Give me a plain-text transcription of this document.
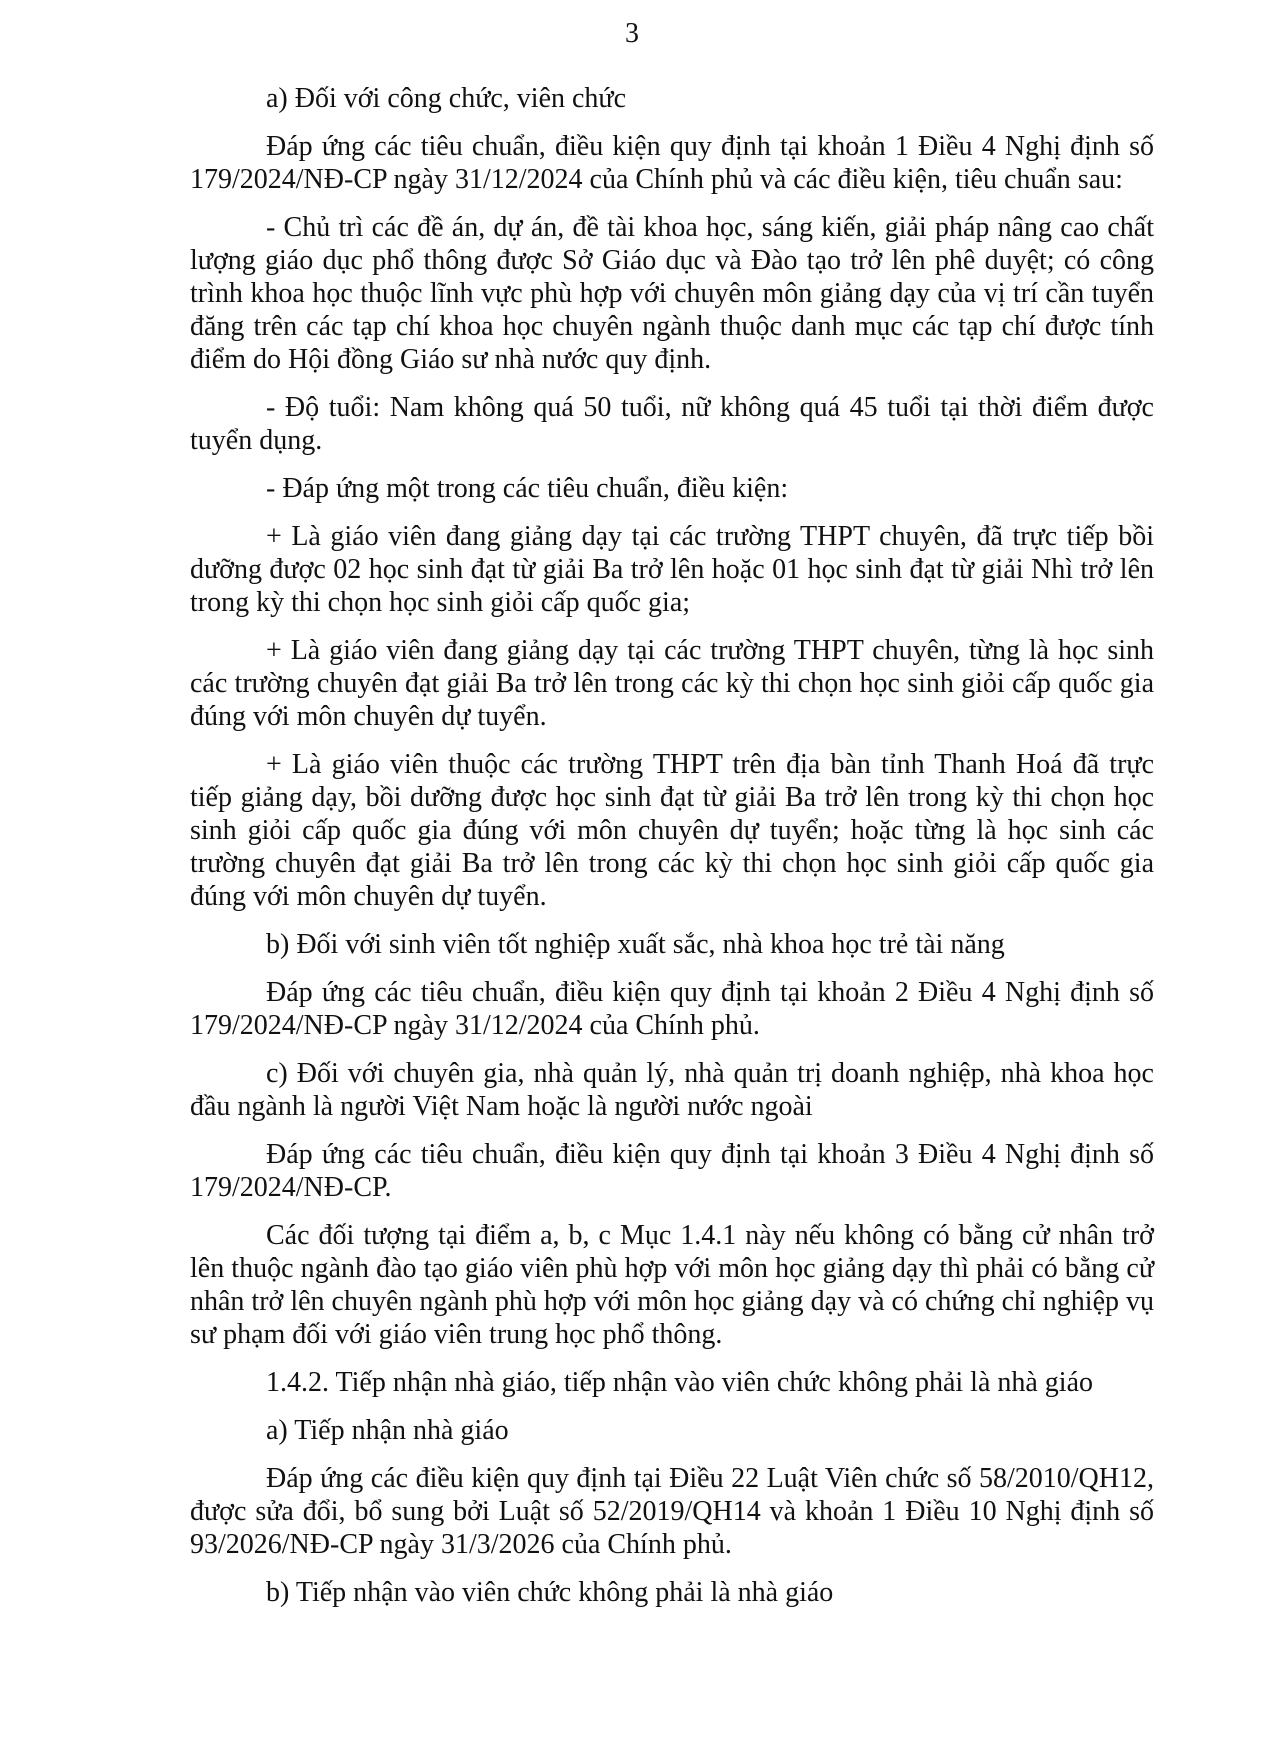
3

a) Đối với công chức, viên chức

Đáp ứng các tiêu chuẩn, điều kiện quy định tại khoản 1 Điều 4 Nghị định số 179/2024/NĐ-CP ngày 31/12/2024 của Chính phủ và các điều kiện, tiêu chuẩn sau:

- Chủ trì các đề án, dự án, đề tài khoa học, sáng kiến, giải pháp nâng cao chất lượng giáo dục phổ thông được Sở Giáo dục và Đào tạo trở lên phê duyệt; có công trình khoa học thuộc lĩnh vực phù hợp với chuyên môn giảng dạy của vị trí cần tuyển đăng trên các tạp chí khoa học chuyên ngành thuộc danh mục các tạp chí được tính điểm do Hội đồng Giáo sư nhà nước quy định.

- Độ tuổi: Nam không quá 50 tuổi, nữ không quá 45 tuổi tại thời điểm được tuyển dụng.

- Đáp ứng một trong các tiêu chuẩn, điều kiện:

+ Là giáo viên đang giảng dạy tại các trường THPT chuyên, đã trực tiếp bồi dưỡng được 02 học sinh đạt từ giải Ba trở lên hoặc 01 học sinh đạt từ giải Nhì trở lên trong kỳ thi chọn học sinh giỏi cấp quốc gia;

+ Là giáo viên đang giảng dạy tại các trường THPT chuyên, từng là học sinh các trường chuyên đạt giải Ba trở lên trong các kỳ thi chọn học sinh giỏi cấp quốc gia đúng với môn chuyên dự tuyển.

+ Là giáo viên thuộc các trường THPT trên địa bàn tỉnh Thanh Hoá đã trực tiếp giảng dạy, bồi dưỡng được học sinh đạt từ giải Ba trở lên trong kỳ thi chọn học sinh giỏi cấp quốc gia đúng với môn chuyên dự tuyển; hoặc từng là học sinh các trường chuyên đạt giải Ba trở lên trong các kỳ thi chọn học sinh giỏi cấp quốc gia đúng với môn chuyên dự tuyển.

b) Đối với sinh viên tốt nghiệp xuất sắc, nhà khoa học trẻ tài năng

Đáp ứng các tiêu chuẩn, điều kiện quy định tại khoản 2 Điều 4 Nghị định số 179/2024/NĐ-CP ngày 31/12/2024 của Chính phủ.

c) Đối với chuyên gia, nhà quản lý, nhà quản trị doanh nghiệp, nhà khoa học đầu ngành là người Việt Nam hoặc là người nước ngoài

Đáp ứng các tiêu chuẩn, điều kiện quy định tại khoản 3 Điều 4 Nghị định số 179/2024/NĐ-CP.

Các đối tượng tại điểm a, b, c Mục 1.4.1 này nếu không có bằng cử nhân trở lên thuộc ngành đào tạo giáo viên phù hợp với môn học giảng dạy thì phải có bằng cử nhân trở lên chuyên ngành phù hợp với môn học giảng dạy và có chứng chỉ nghiệp vụ sư phạm đối với giáo viên trung học phổ thông.

1.4.2. Tiếp nhận nhà giáo, tiếp nhận vào viên chức không phải là nhà giáo

a) Tiếp nhận nhà giáo

Đáp ứng các điều kiện quy định tại Điều 22 Luật Viên chức số 58/2010/QH12, được sửa đổi, bổ sung bởi Luật số 52/2019/QH14 và khoản 1 Điều 10 Nghị định số 93/2026/NĐ-CP ngày 31/3/2026 của Chính phủ.

b) Tiếp nhận vào viên chức không phải là nhà giáo
